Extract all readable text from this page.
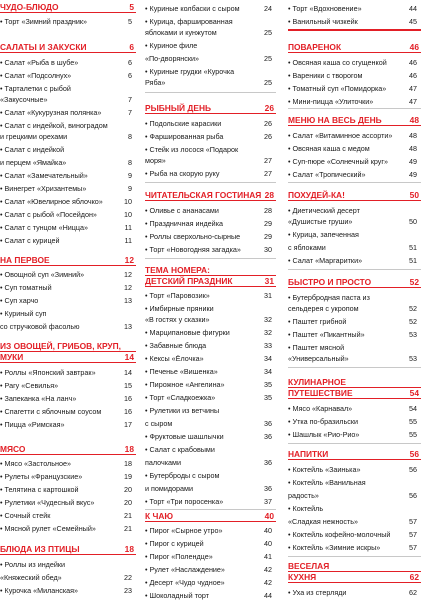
ЧУДО-БЛЮДО	5
• Торт «Зимний праздник»	5
САЛАТЫ И ЗАКУСКИ	6
• Салат «Рыба в шубе»	6
• Салат «Подсолнух»	6
• Тарталетки с рыбой
«Закусочные»	7
• Салат «Кукурузная полянка»	7
• Салат с индейкой, виноградом
и грецкими орехами	8
• Салат с индейкой
и перцем «Ямайка»	8
• Салат «Замечательный»	9
• Винегрет «Хризантемы»	9
• Салат «Ювелирное яблочко»	10
• Салат с рыбой «Посейдон»	10
• Салат с тунцом «Ницца»	11
• Салат с курицей	11
НА ПЕРВОЕ	12
• Овощной суп «Зимний»	12
• Суп томатный	12
• Суп харчо	13
• Куриный суп
со стручковой фасолью	13
ИЗ ОВОЩЕЙ, ГРИБОВ, КРУП,
МУКИ	14
• Роллы «Японский завтрак»	14
• Рагу «Севилья»	15
• Запеканка «На ланч»	16
• Спагетти с яблочным соусом	16
• Пицца «Римская»	17
МЯСО	18
• Мясо «Застольное»	18
• Рулеты «Французские»	19
• Телятина с картошкой	20
• Рулетики «Чудесный вкус»	20
• Сочный стейк	21
• Мясной рулет «Семейный»	21
БЛЮДА ИЗ ПТИЦЫ	18
• Роллы из индейки
«Княжеский обед»	22
• Курочка «Миланская»	23
• Куриные колбаски с сыром	24
• Курица, фаршированная
яблоками и кунжутом	25
• Куриное филе
«По-дворянски»	25
• Куриные грудки «Курочка
Ряба»	25
РЫБНЫЙ ДЕНЬ	26
• Подольские карасики	26
• Фаршированная рыба	26
• Стейк из лосося «Подарок
моря»	27
• Рыба на скорую руку	27
ЧИТАТЕЛЬСКАЯ ГОСТИНАЯ 28
• Оливье с ананасами	28
• Праздничная индейка	29
• Роллы сверхольно-сырные	29
• Торт «Новогодняя загадка»	30
ТЕМА НОМЕРА:
ДЕТСКИЙ ПРАЗДНИК	31
• Торт «Паровозик»	31
• Имбирные пряники
«В гостях у сказки»	32
• Марципановые фигурки	32
• Забавные блюда	33
• Кексы «Ёлочка»	34
• Печенье «Вишенка»	34
• Пирожное «Ангелина»	35
• Торт «Сладкоежка»	35
• Рулетики из ветчины
с сыром	36
• Фруктовые шашлычки	36
• Салат с крабовыми
палочками	36
• Бутерброды с сыром
и помидорами	36
• Торт «Три поросенка»	37
К ЧАЮ	40
• Пирог «Сырное утро»	40
• Пирог с курицей	40
• Пирог «Полендце»	41
• Рулет «Наслаждение»	42
• Десерт «Чудо чудное»	42
• Шоколадный торт	44
• Торт «Вдохновение»	44
• Ванильный чизкейк	45
ПОВАРЕНОК	46
• Овсяная каша со сгущенкой	46
• Вареники с творогом	46
• Томатный суп «Помидорка»	47
• Мини-пицца «Улиточки»	47
МЕНЮ НА ВЕСЬ ДЕНЬ	48
• Салат «Витаминное ассорти» 48
• Овсяная каша с медом	48
• Суп-пюре «Солнечный круг»	49
• Салат «Тропический»	49
ПОХУДЕЙ-КА!	50
• Диетический десерт
«Душистые груши»	50
• Курица, запеченная
с яблоками	51
• Салат «Маргаритки»	51
БЫСТРО И ПРОСТО	52
• Бутербродная паста из
сельдерея с укропом	52
• Паштет грибной	52
• Паштет «Пикантный»	53
• Паштет мясной
«Универсальный»	53
КУЛИНАРНОЕ
ПУТЕШЕСТВИЕ	54
• Мясо «Карнавал»	54
• Утка по-бразильски	55
• Шашлык «Рио-Рио»	55
НАПИТКИ	56
• Коктейль «Заинька»	56
• Коктейль «Ванильная
радость»	56
• Коктейль
«Сладкая нежность»	57
• Коктейль кофейно-молочный	57
• Коктейль «Зимние искры»	57
ВЕСЕЛАЯ
КУХНЯ	62
• Уха из стерляди	62
